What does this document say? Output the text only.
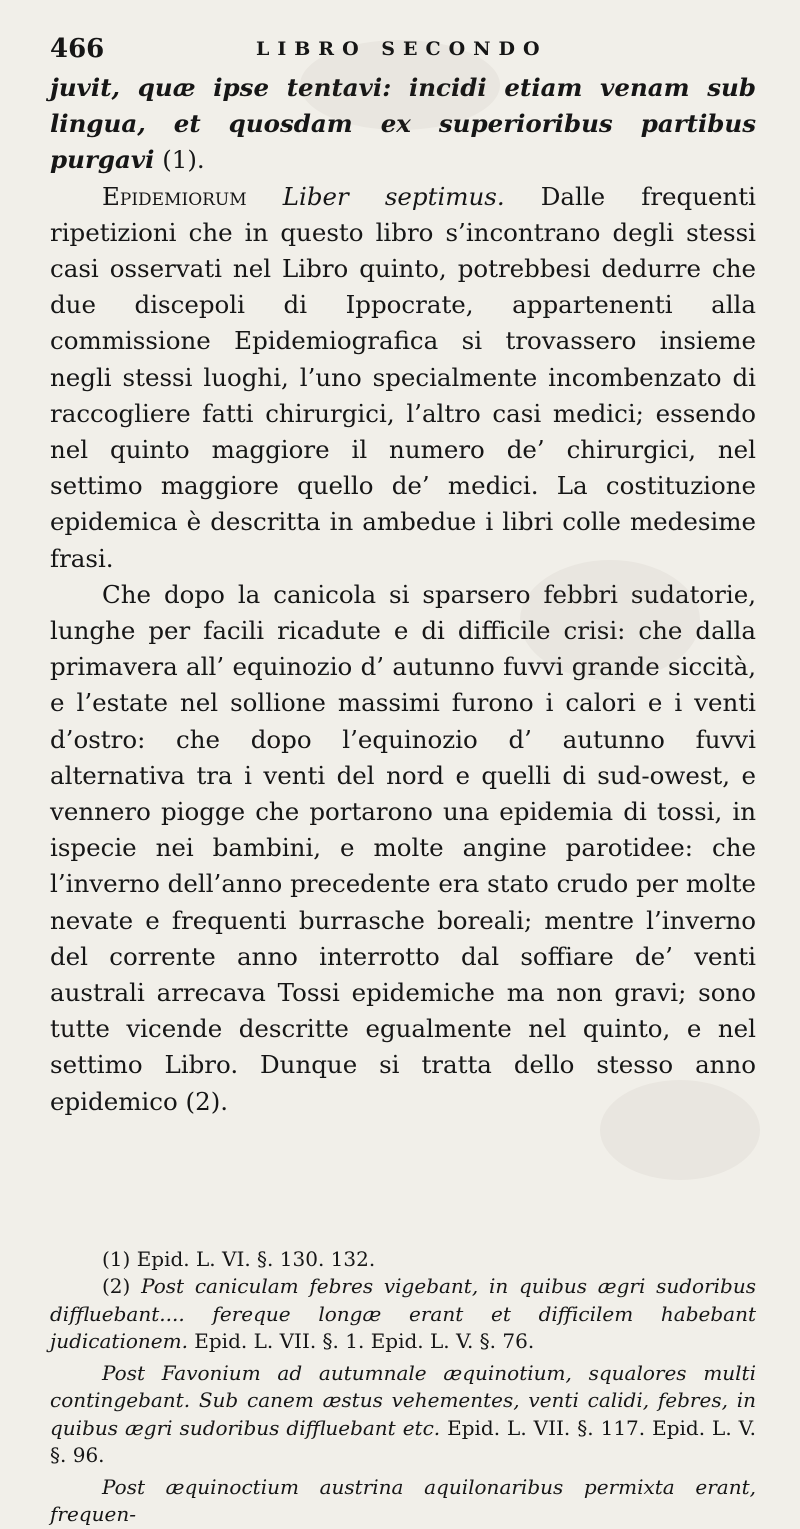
466	LIBRO SECONDO

juvit, quæ ipse tentavi: incidi etiam venam sub lingua, et quosdam ex superioribus partibus purgavi (1).

Epidemiorum Liber septimus. Dalle frequenti ripetizioni che in questo libro s’incontrano degli stessi casi osservati nel Libro quinto, potrebbesi dedurre che due discepoli di Ippocrate, appartenenti alla commissione Epidemiografica si trovassero insieme negli stessi luoghi, l’uno specialmente incombenzato di raccogliere fatti chirurgici, l’altro casi medici; essendo nel quinto maggiore il numero de’ chirurgici, nel settimo maggiore quello de’ medici. La costituzione epidemica è descritta in ambedue i libri colle medesime frasi.

Che dopo la canicola si sparsero febbri sudatorie, lunghe per facili ricadute e di difficile crisi: che dalla primavera all’ equinozio d’ autunno fuvvi grande siccità, e l’estate nel sollione massimi furono i calori e i venti d’ostro: che dopo l’equinozio d’ autunno fuvvi alternativa tra i venti del nord e quelli di sud-owest, e vennero piogge che portarono una epidemia di tossi, in ispecie nei bambini, e molte angine parotidee: che l’inverno dell’anno precedente era stato crudo per molte nevate e frequenti burrasche boreali; mentre l’inverno del corrente anno interrotto dal soffiare de’ venti australi arrecava Tossi epidemiche ma non gravi; sono tutte vicende descritte egualmente nel quinto, e nel settimo Libro. Dunque si tratta dello stesso anno epidemico (2).

(1) Epid. L. VI. §. 130. 132.

(2) Post caniculam febres vigebant, in quibus ægri sudoribus diffluebant.... fereque longæ erant et difficilem habebant judicationem. Epid. L. VII. §. 1. Epid. L. V. §. 76.

Post Favonium ad autumnale æquinotium, squalores multi contingebant. Sub canem æstus vehementes, venti calidi, febres, in quibus ægri sudoribus diffluebant etc. Epid. L. VII. §. 117. Epid. L. V. §. 96.

Post æquinoctium austrina aquilonaribus permixta erant, frequen-
